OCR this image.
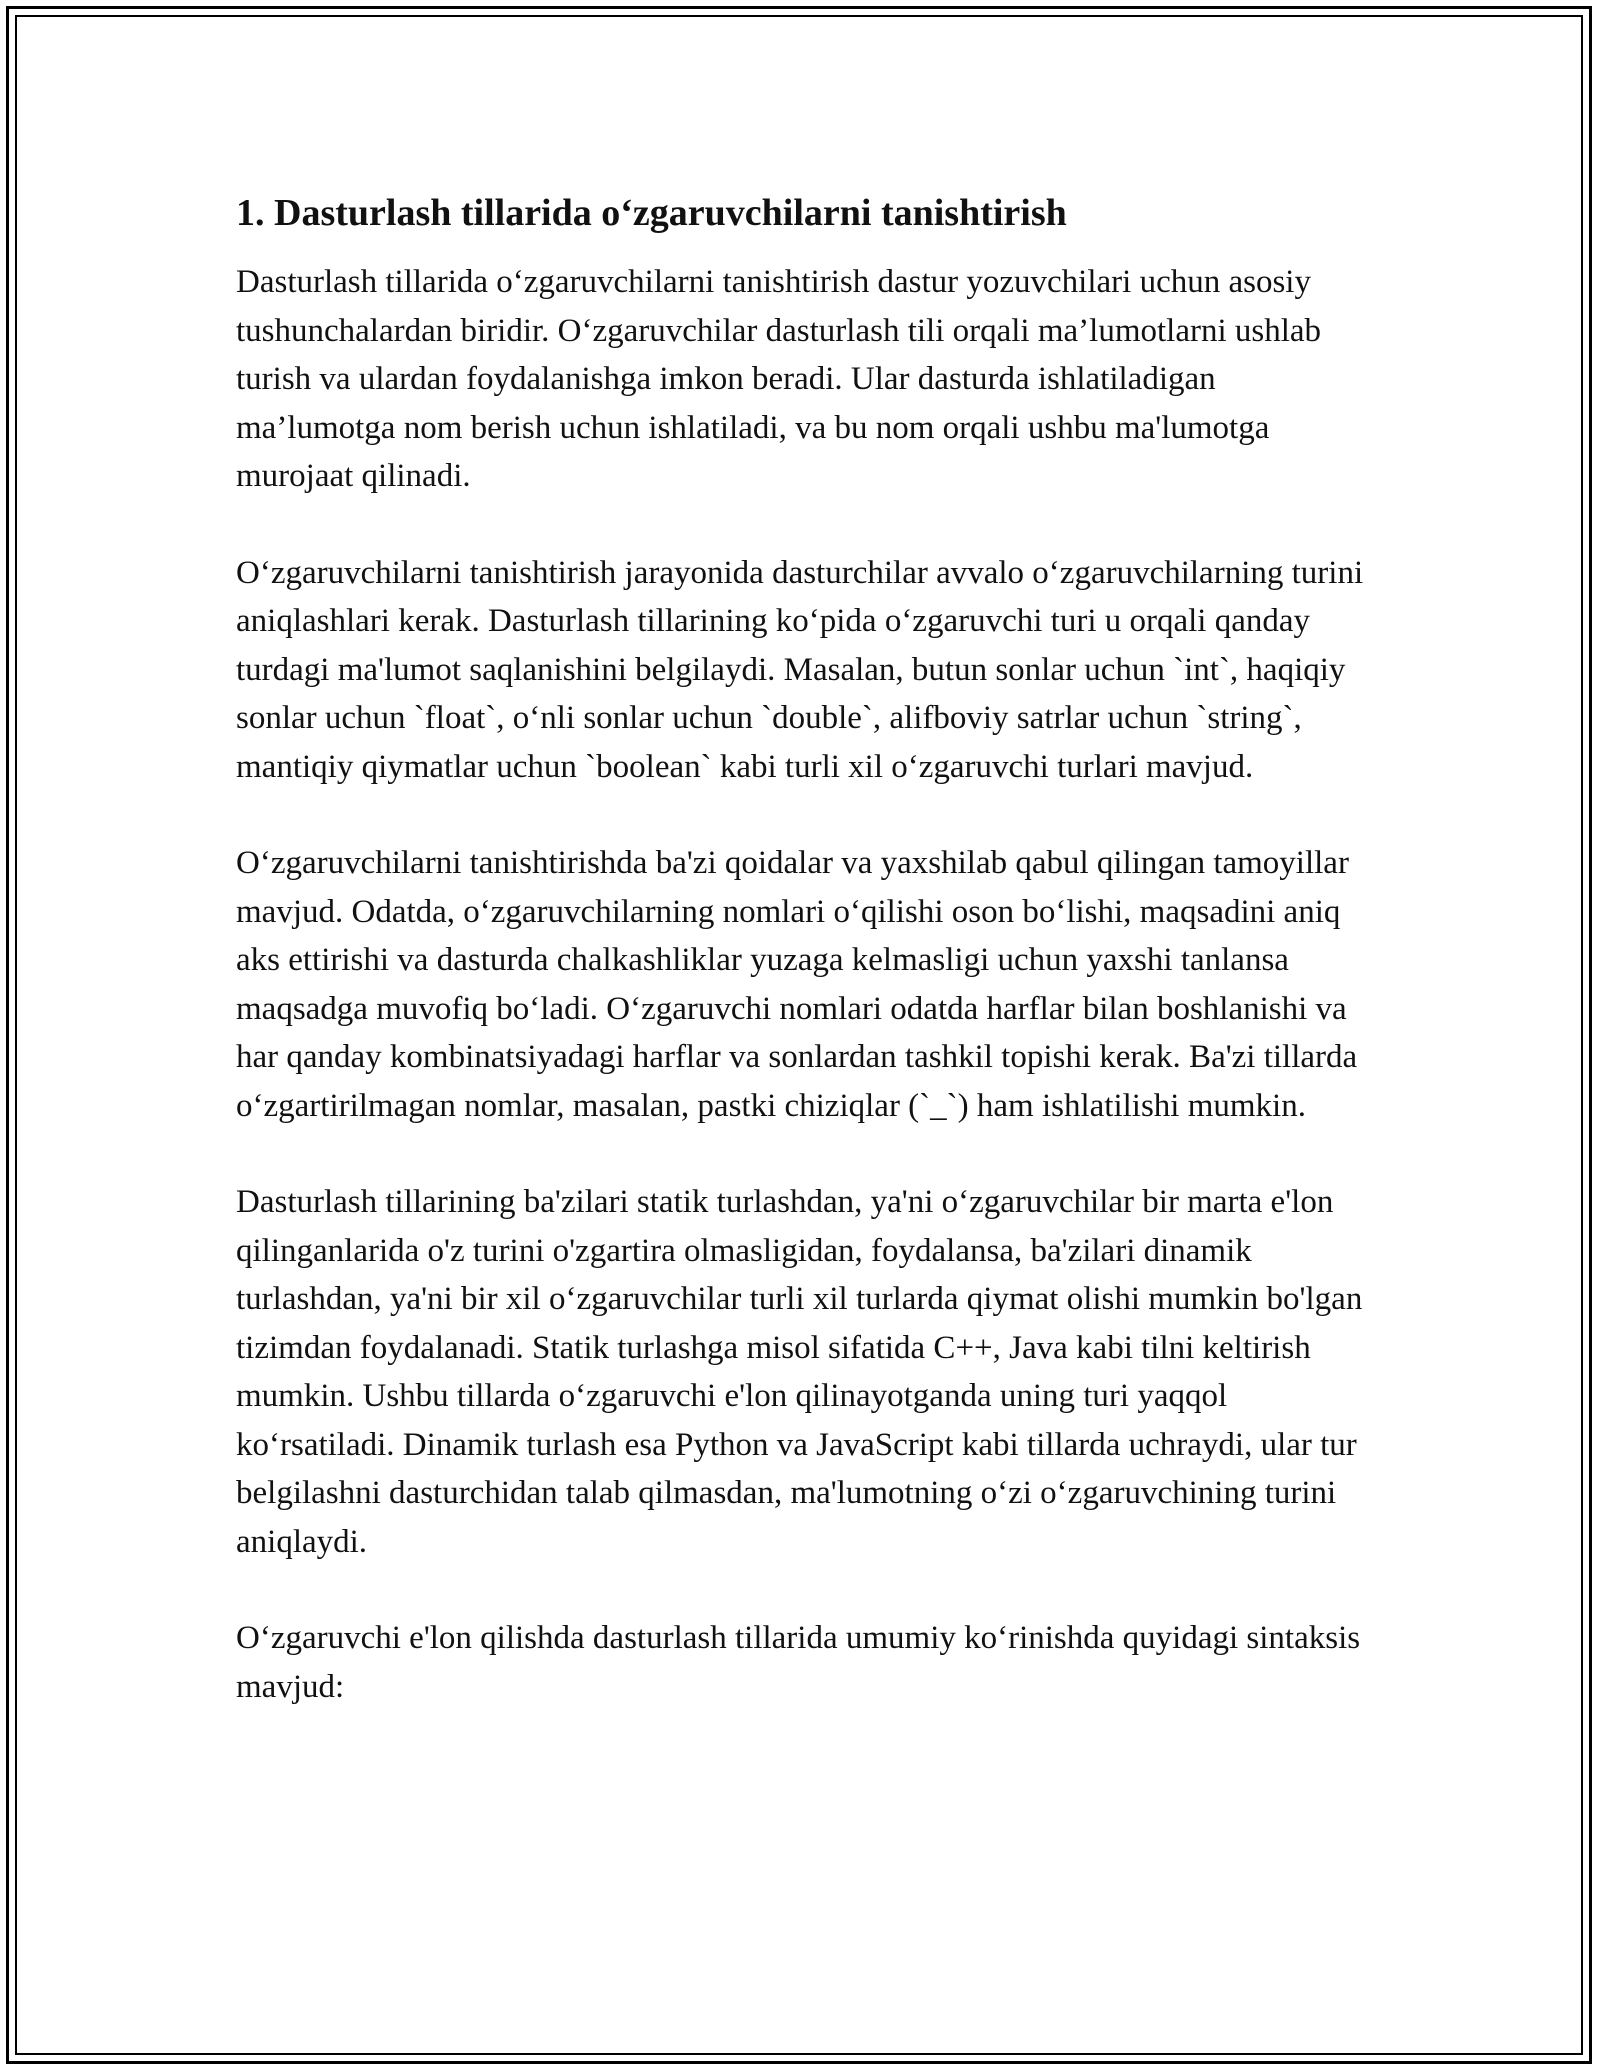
1. Dasturlash tillarida o‘zgaruvchilarni tanishtirish

Dasturlash tillarida o‘zgaruvchilarni tanishtirish dastur yozuvchilari uchun asosiy tushunchalardan biridir. O‘zgaruvchilar dasturlash tili orqali ma’lumotlarni ushlab turish va ulardan foydalanishga imkon beradi. Ular dasturda ishlatiladigan ma’lumotga nom berish uchun ishlatiladi, va bu nom orqali ushbu ma'lumotga murojaat qilinadi.

O‘zgaruvchilarni tanishtirish jarayonida dasturchilar avvalo o‘zgaruvchilarning turini aniqlashlari kerak. Dasturlash tillarining ko‘pida o‘zgaruvchi turi u orqali qanday turdagi ma'lumot saqlanishini belgilaydi. Masalan, butun sonlar uchun `int`, haqiqiy sonlar uchun `float`, o‘nli sonlar uchun `double`, alifboviy satrlar uchun `string`, mantiqiy qiymatlar uchun `boolean` kabi turli xil o‘zgaruvchi turlari mavjud.

O‘zgaruvchilarni tanishtirishda ba'zi qoidalar va yaxshilab qabul qilingan tamoyillar mavjud. Odatda, o‘zgaruvchilarning nomlari o‘qilishi oson bo‘lishi, maqsadini aniq aks ettirishi va dasturda chalkashliklar yuzaga kelmasligi uchun yaxshi tanlansa maqsadga muvofiq bo‘ladi. O‘zgaruvchi nomlari odatda harflar bilan boshlanishi va har qanday kombinatsiyadagi harflar va sonlardan tashkil topishi kerak. Ba'zi tillarda o‘zgartirilmagan nomlar, masalan, pastki chiziqlar (`_`) ham ishlatilishi mumkin.

Dasturlash tillarining ba'zilari statik turlashdan, ya'ni o‘zgaruvchilar bir marta e'lon qilinganlarida o'z turini o'zgartira olmasligidan, foydalansa, ba'zilari dinamik turlashdan, ya'ni bir xil o‘zgaruvchilar turli xil turlarda qiymat olishi mumkin bo'lgan tizimdan foydalanadi. Statik turlashga misol sifatida C++, Java kabi tilni keltirish mumkin. Ushbu tillarda o‘zgaruvchi e'lon qilinayotganda uning turi yaqqol ko‘rsatiladi. Dinamik turlash esa Python va JavaScript kabi tillarda uchraydi, ular tur belgilashni dasturchidan talab qilmasdan, ma'lumotning o‘zi o‘zgaruvchining turini aniqlaydi.

O‘zgaruvchi e'lon qilishda dasturlash tillarida umumiy ko‘rinishda quyidagi sintaksis mavjud:
